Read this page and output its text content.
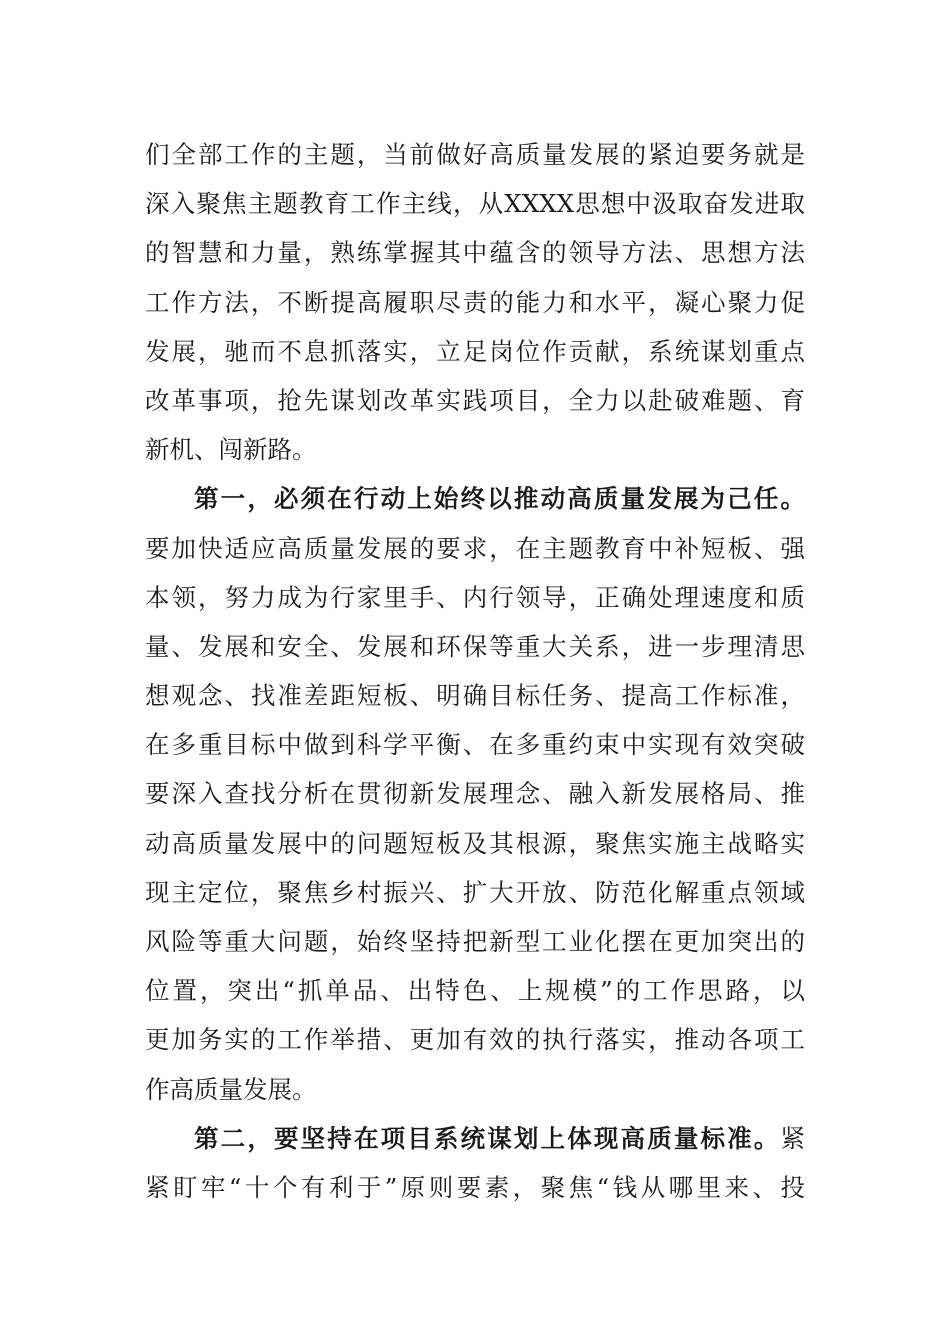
们全部工作的主题，当前做好高质量发展的紧迫要务就是
深入聚焦主题教育工作主线，从XXXX思想中汲取奋发进取
的智慧和力量，熟练掌握其中蕴含的领导方法、思想方法
工作方法，不断提高履职尽责的能力和水平，凝心聚力促
发展，驰而不息抓落实，立足岗位作贡献，系统谋划重点
改革事项，抢先谋划改革实践项目，全力以赴破难题、育
新机、闯新路。
第一，必须在行动上始终以推动高质量发展为己任。
要加快适应高质量发展的要求，在主题教育中补短板、强
本领，努力成为行家里手、内行领导，正确处理速度和质
量、发展和安全、发展和环保等重大关系，进一步理清思
想观念、找准差距短板、明确目标任务、提高工作标准，
在多重目标中做到科学平衡、在多重约束中实现有效突破
要深入查找分析在贯彻新发展理念、融入新发展格局、推
动高质量发展中的问题短板及其根源，聚焦实施主战略实
现主定位，聚焦乡村振兴、扩大开放、防范化解重点领域
风险等重大问题，始终坚持把新型工业化摆在更加突出的
位置，突出“抓单品、出特色、上规模”的工作思路，以
更加务实的工作举措、更加有效的执行落实，推动各项工
作高质量发展。
第二，要坚持在项目系统谋划上体现高质量标准。紧
紧盯牢“十个有利于”原则要素，聚焦“钱从哪里来、投
